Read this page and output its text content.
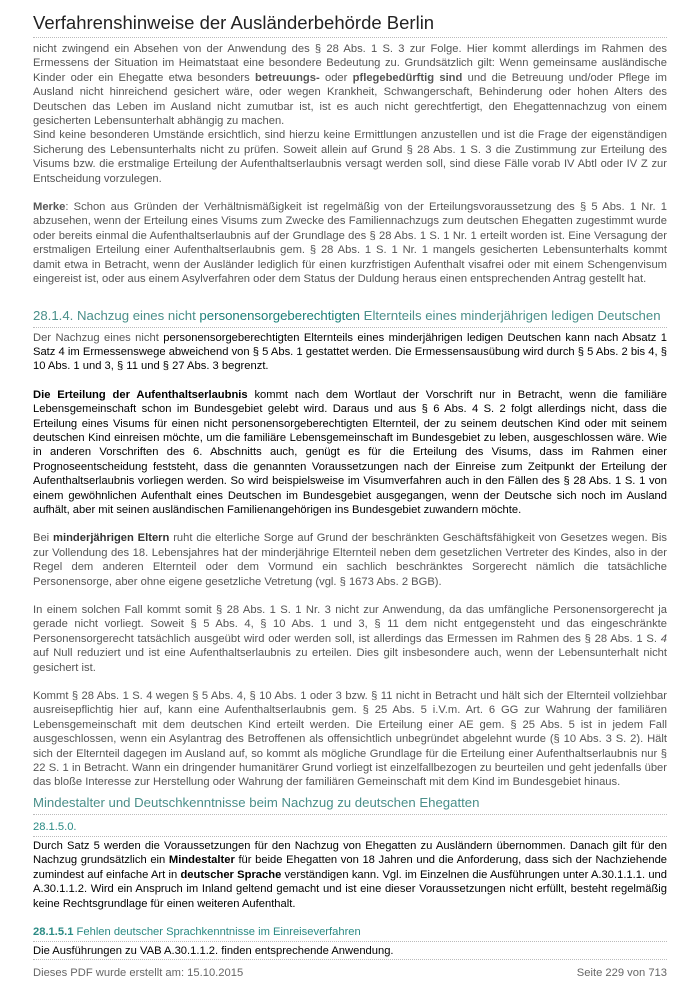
Verfahrenshinweise der Ausländerbehörde Berlin

nicht zwingend ein Absehen von der Anwendung des § 28 Abs. 1 S. 3 zur Folge. Hier kommt allerdings im Rahmen des Ermessens der Situation im Heimatstaat eine besondere Bedeutung zu. Grundsätzlich gilt: Wenn gemeinsame ausländische Kinder oder ein Ehegatte etwa besonders betreuungs- oder pflegebedürftig sind und die Betreuung und/oder Pflege im Ausland nicht hinreichend gesichert wäre, oder wegen Krankheit, Schwangerschaft, Behinderung oder hohen Alters des Deutschen das Leben im Ausland nicht zumutbar ist, ist es auch nicht gerechtfertigt, den Ehegattennachzug von einem gesicherten Lebensunterhalt abhängig zu machen.

Sind keine besonderen Umstände ersichtlich, sind hierzu keine Ermittlungen anzustellen und ist die Frage der eigenständigen Sicherung des Lebensunterhalts nicht zu prüfen. Soweit allein auf Grund § 28 Abs. 1 S. 3 die Zustimmung zur Erteilung des Visums bzw. die erstmalige Erteilung der Aufenthaltserlaubnis versagt werden soll, sind diese Fälle vorab IV Abtl oder IV Z zur Entscheidung vorzulegen.

Merke: Schon aus Gründen der Verhältnismäßigkeit ist regelmäßig von der Erteilungsvoraussetzung des § 5 Abs. 1 Nr. 1 abzusehen, wenn der Erteilung eines Visums zum Zwecke des Familiennachzugs zum deutschen Ehegatten zugestimmt wurde oder bereits einmal die Aufenthaltserlaubnis auf der Grundlage des § 28 Abs. 1 S. 1 Nr. 1 erteilt worden ist. Eine Versagung der erstmaligen Erteilung einer Aufenthaltserlaubnis gem. § 28 Abs. 1 S. 1 Nr. 1 mangels gesicherten Lebensunterhalts kommt damit etwa in Betracht, wenn der Ausländer lediglich für einen kurzfristigen Aufenthalt visafrei oder mit einem Schengenvisum eingereist ist, oder aus einem Asylverfahren oder dem Status der Duldung heraus einen entsprechenden Antrag gestellt hat.

28.1.4. Nachzug eines nicht personensorgeberechtigten Elternteils eines minderjährigen ledigen Deutschen

Der Nachzug eines nicht personensorgeberechtigten Elternteils eines minderjährigen ledigen Deutschen kann nach Absatz 1 Satz 4 im Ermessenswege abweichend von § 5 Abs. 1 gestattet werden. Die Ermessensausübung wird durch § 5 Abs. 2 bis 4, § 10 Abs. 1 und 3, § 11 und § 27 Abs. 3 begrenzt.

Die Erteilung der Aufenthaltserlaubnis kommt nach dem Wortlaut der Vorschrift nur in Betracht, wenn die familiäre Lebensgemeinschaft schon im Bundesgebiet gelebt wird. Daraus und aus § 6 Abs. 4 S. 2 folgt allerdings nicht, dass die Erteilung eines Visums für einen nicht personensorgeberechtigten Elternteil, der zu seinem deutschen Kind oder mit seinem deutschen Kind einreisen möchte, um die familiäre Lebensgemeinschaft im Bundesgebiet zu leben, ausgeschlossen wäre. Wie in anderen Vorschriften des 6. Abschnitts auch, genügt es für die Erteilung des Visums, dass im Rahmen einer Prognoseentscheidung feststeht, dass die genannten Voraussetzungen nach der Einreise zum Zeitpunkt der Erteilung der Aufenthaltserlaubnis vorliegen werden. So wird beispielsweise im Visumverfahren auch in den Fällen des § 28 Abs. 1 S. 1 von einem gewöhnlichen Aufenthalt eines Deutschen im Bundesgebiet ausgegangen, wenn der Deutsche sich noch im Ausland aufhält, aber mit seinen ausländischen Familienangehörigen ins Bundesgebiet zuwandern möchte.

Bei minderjährigen Eltern ruht die elterliche Sorge auf Grund der beschränkten Geschäftsfähigkeit von Gesetzes wegen. Bis zur Vollendung des 18. Lebensjahres hat der minderjährige Elternteil neben dem gesetzlichen Vertreter des Kindes, also in der Regel dem anderen Elternteil oder dem Vormund ein sachlich beschränktes Sorgerecht nämlich die tatsächliche Personensorge, aber ohne eigene gesetzliche Vetretung (vgl. § 1673 Abs. 2 BGB).

In einem solchen Fall kommt somit § 28 Abs. 1 S. 1 Nr. 3 nicht zur Anwendung, da das umfängliche Personensorgerecht ja gerade nicht vorliegt. Soweit § 5 Abs. 4, § 10 Abs. 1 und 3, § 11 dem nicht entgegensteht und das eingeschränkte Personensorgerecht tatsächlich ausgeübt wird oder werden soll, ist allerdings das Ermessen im Rahmen des § 28 Abs. 1 S. 4 auf Null reduziert und ist eine Aufenthaltserlaubnis zu erteilen. Dies gilt insbesondere auch, wenn der Lebensunterhalt nicht gesichert ist.

Kommt § 28 Abs. 1 S. 4 wegen § 5 Abs. 4, § 10 Abs. 1 oder 3 bzw. § 11 nicht in Betracht und hält sich der Elternteil vollziehbar ausreisepflichtig hier auf, kann eine Aufenthaltserlaubnis gem. § 25 Abs. 5 i.V.m. Art. 6 GG zur Wahrung der familiären Lebensgemeinschaft mit dem deutschen Kind erteilt werden. Die Erteilung einer AE gem. § 25 Abs. 5 ist in jedem Fall ausgeschlossen, wenn ein Asylantrag des Betroffenen als offensichtlich unbegründet abgelehnt wurde (§ 10 Abs. 3 S. 2). Hält sich der Elternteil dagegen im Ausland auf, so kommt als mögliche Grundlage für die Erteilung einer Aufenthaltserlaubnis nur § 22 S. 1 in Betracht. Wann ein dringender humanitärer Grund vorliegt ist einzelfallbezogen zu beurteilen und geht jedenfalls über das bloße Interesse zur Herstellung oder Wahrung der familiären Gemeinschaft mit dem Kind im Bundesgebiet hinaus.

Mindestalter und Deutschkenntnisse beim Nachzug zu deutschen Ehegatten
28.1.5.0.

Durch Satz 5 werden die Voraussetzungen für den Nachzug von Ehegatten zu Ausländern übernommen. Danach gilt für den Nachzug grundsätzlich ein Mindestalter für beide Ehegatten von 18 Jahren und die Anforderung, dass sich der Nachziehende zumindest auf einfache Art in deutscher Sprache verständigen kann. Vgl. im Einzelnen die Ausführungen unter A.30.1.1.1. und A.30.1.1.2. Wird ein Anspruch im Inland geltend gemacht und ist eine dieser Voraussetzungen nicht erfüllt, besteht regelmäßig keine Rechtsgrundlage für einen weiteren Aufenthalt.

28.1.5.1 Fehlen deutscher Sprachkenntnisse im Einreiseverfahren

Die Ausführungen zu VAB A.30.1.1.2. finden entsprechende Anwendung.

Dieses PDF wurde erstellt am: 15.10.2015	Seite 229 von 713
